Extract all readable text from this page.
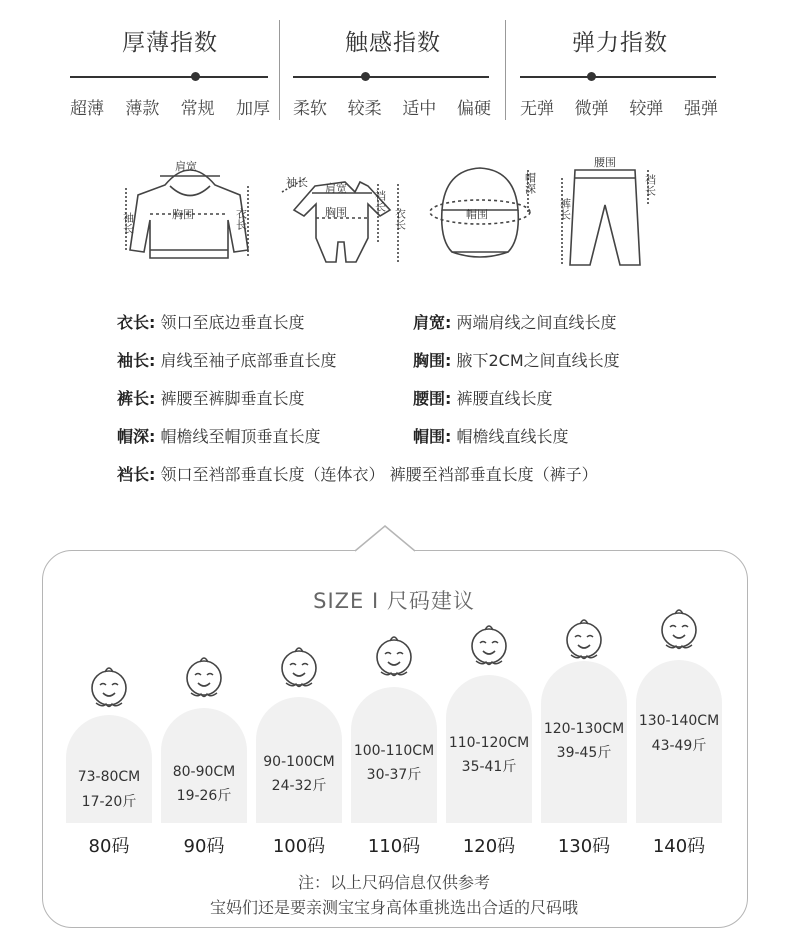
厚薄指数
超薄 薄款 常规 加厚
触感指数
柔软 较柔 适中 偏硬
弹力指数
无弹 微弹 较弹 强弹
肩宽
胸围	衣长
袖长
袖长 肩宽
胸围
裆长
衣长	帽围
帽深
腰围
裤长
裆长
衣长: 领口至底边垂直长度
袖长: 肩线至袖子底部垂直长度
裤长: 裤腰至裤脚垂直长度
帽深: 帽檐线至帽顶垂直长度
肩宽: 两端肩线之间直线长度
胸围: 腋下2CM之间直线长度
腰围: 裤腰直线长度
帽围: 帽檐线直线长度
裆长: 领口至裆部垂直长度（连体衣） 裤腰至裆部垂直长度（裤子）
SIZE I 尺码建议
73-80CM
17-20斤
80码
80-90CM
19-26斤
90码
90-100CM
24-32斤
100码
100-110CM
30-37斤
110码
110-120CM
35-41斤
120码
120-130CM
39-45斤
130码
130-140CM
43-49斤
140码
注：以上尺码信息仅供参考
宝妈们还是要亲测宝宝身高体重挑选出合适的尺码哦
